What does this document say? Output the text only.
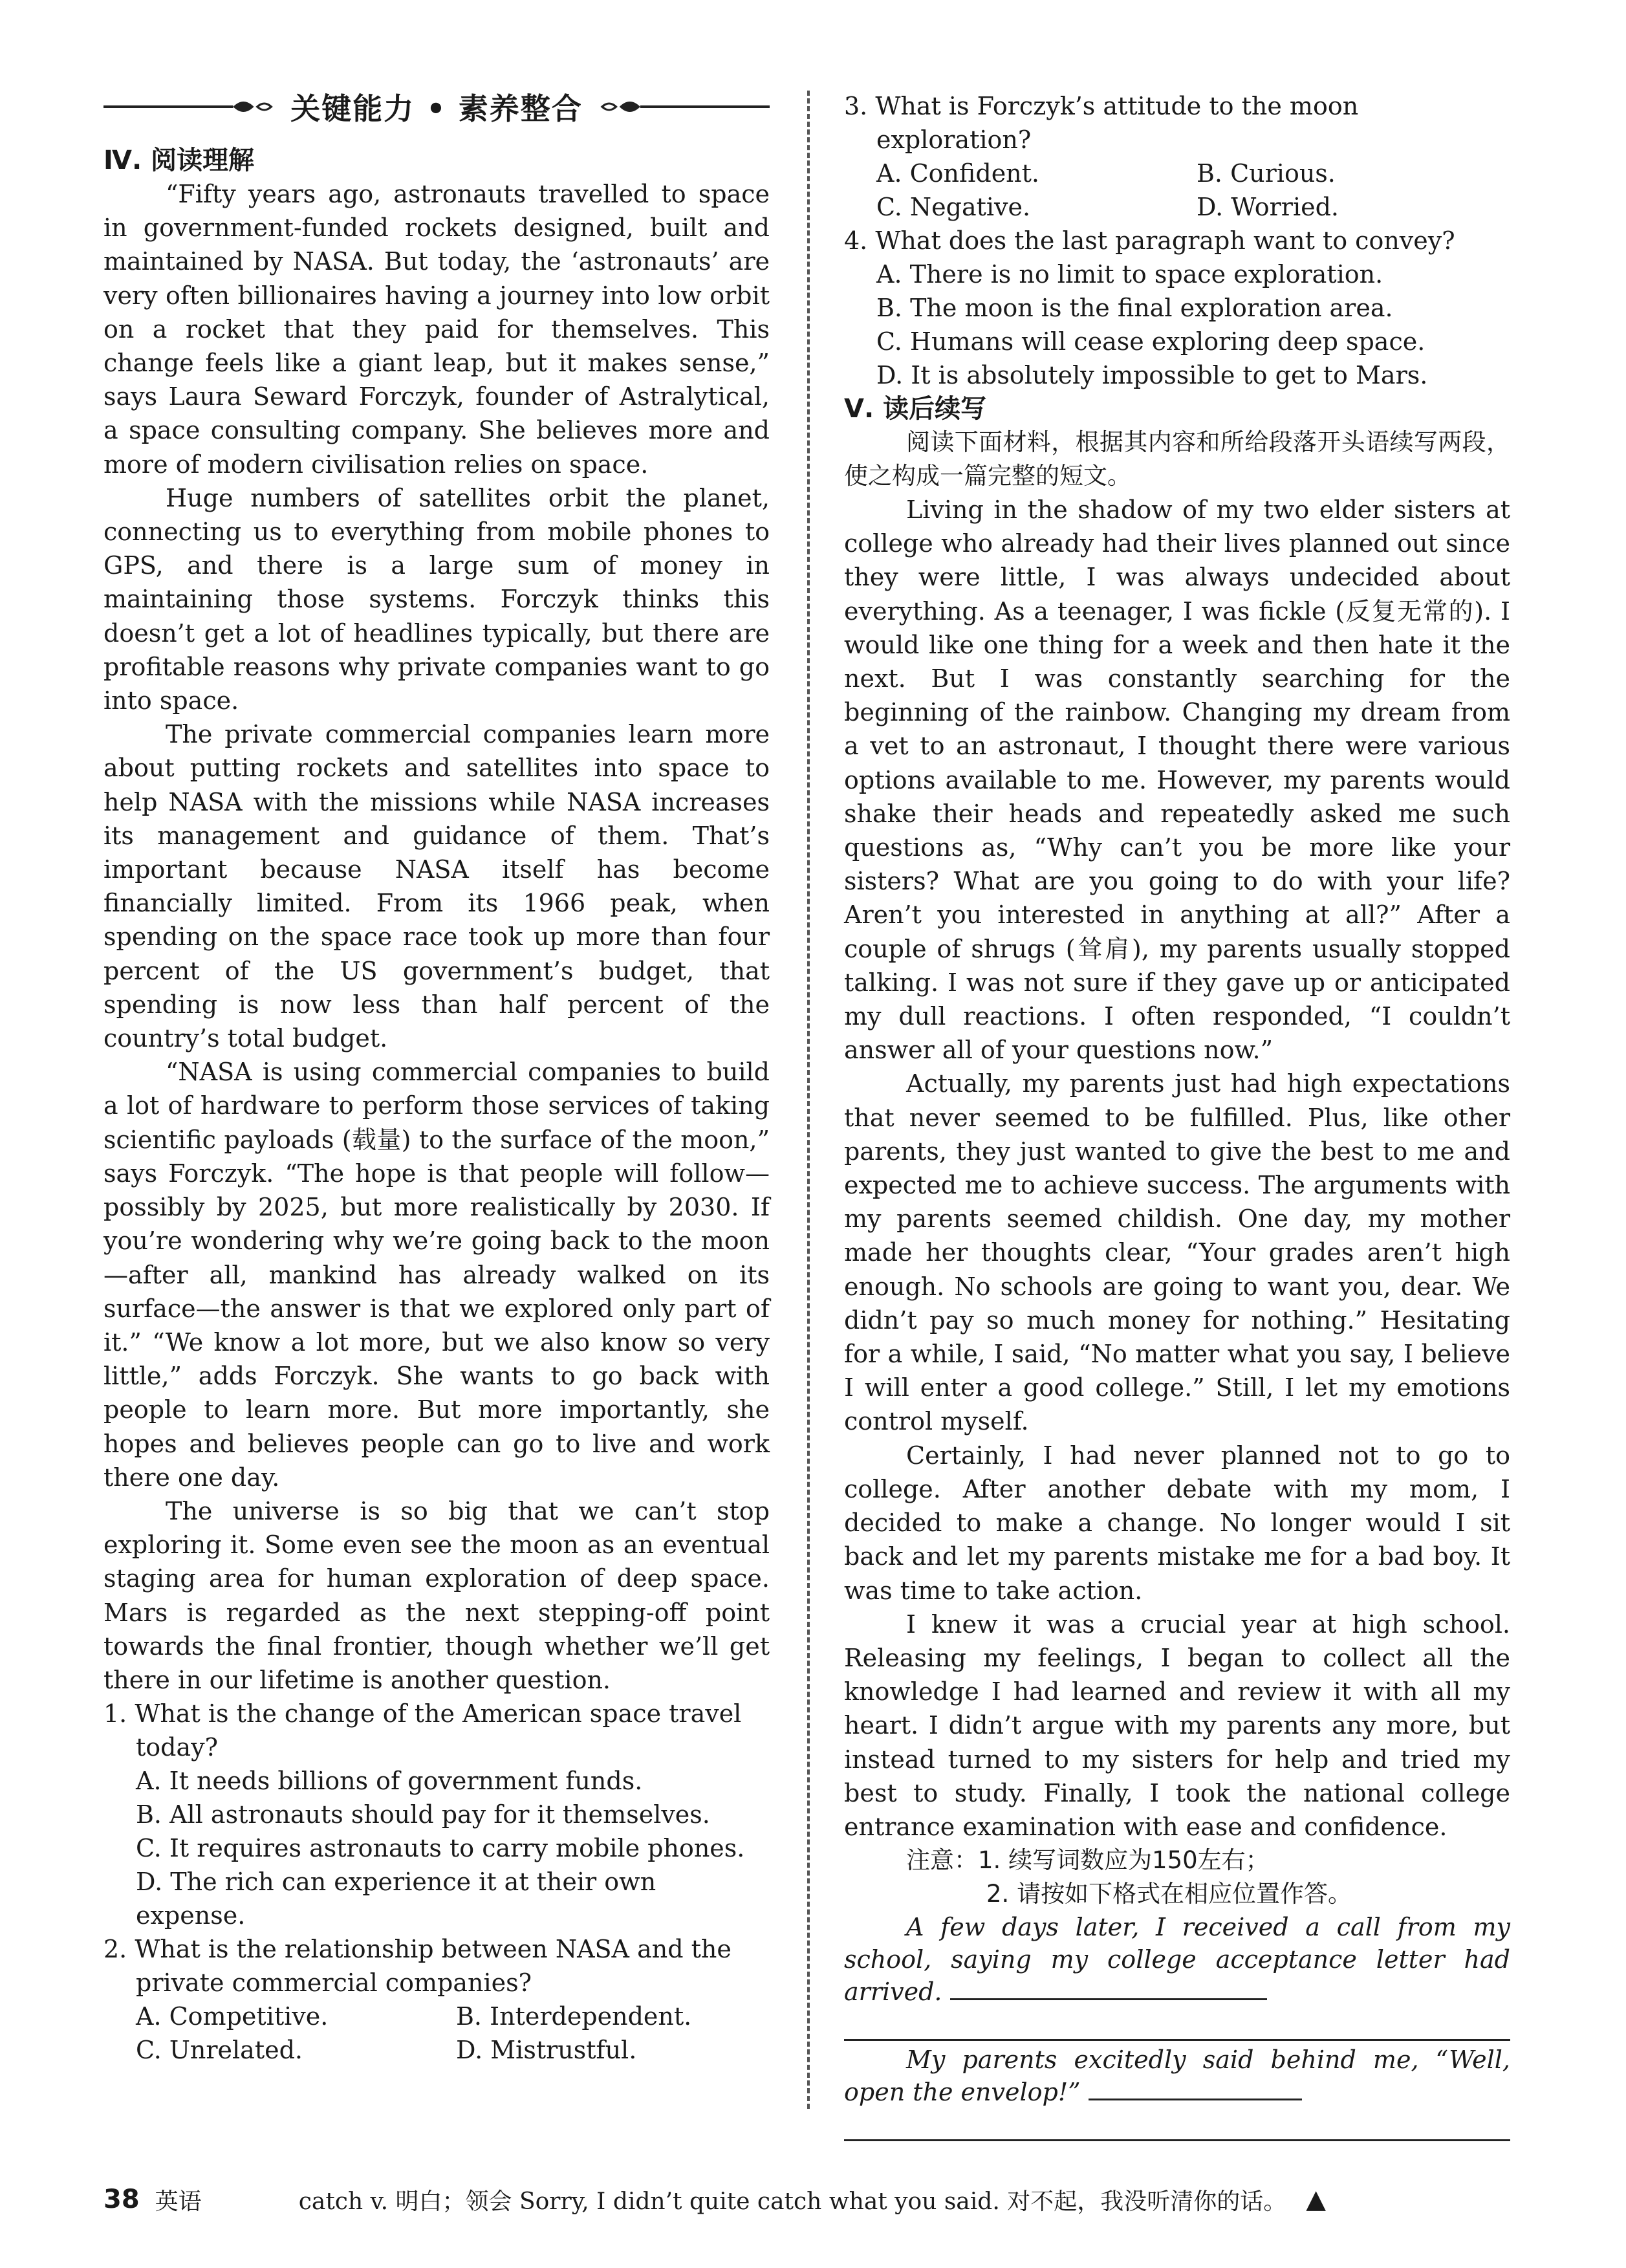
关键能力 • 素养整合
Ⅳ. 阅读理解

“Fifty years ago, astronauts travelled to space in government-funded rockets designed, built and maintained by NASA. But today, the ‘astronauts’ are very often billionaires having a journey into low orbit on a rocket that they paid for themselves. This change feels like a giant leap, but it makes sense,” says Laura Seward Forczyk, founder of Astralytical, a space consulting company. She believes more and more of modern civilisation relies on space.

Huge numbers of satellites orbit the planet, connecting us to everything from mobile phones to GPS, and there is a large sum of money in maintaining those systems. Forczyk thinks this doesn’t get a lot of headlines typically, but there are profitable reasons why private companies want to go into space.

The private commercial companies learn more about putting rockets and satellites into space to help NASA with the missions while NASA increases its management and guidance of them. That’s important because NASA itself has become financially limited. From its 1966 peak, when spending on the space race took up more than four percent of the US government’s budget, that spending is now less than half percent of the country’s total budget.

“NASA is using commercial companies to build a lot of hardware to perform those services of taking scientific payloads (载量) to the surface of the moon,” says Forczyk. “The hope is that people will follow—possibly by 2025, but more realistically by 2030. If you’re wondering why we’re going back to the moon—after all, mankind has already walked on its surface—the answer is that we explored only part of it.” “We know a lot more, but we also know so very little,” adds Forczyk. She wants to go back with people to learn more. But more importantly, she hopes and believes people can go to live and work there one day.

The universe is so big that we can’t stop exploring it. Some even see the moon as an eventual staging area for human exploration of deep space. Mars is regarded as the next stepping-off point towards the final frontier, though whether we’ll get there in our lifetime is another question.

1. What is the change of the American space travel today?
A. It needs billions of government funds.
B. All astronauts should pay for it themselves.
C. It requires astronauts to carry mobile phones.
D. The rich can experience it at their own expense.
2. What is the relationship between NASA and the private commercial companies?
A. Competitive.	B. Interdependent.
C. Unrelated.	D. Mistrustful.
3. What is Forczyk’s attitude to the moon exploration?
A. Confident.	B. Curious.
C. Negative.	D. Worried.
4. What does the last paragraph want to convey?
A. There is no limit to space exploration.
B. The moon is the final exploration area.
C. Humans will cease exploring deep space.
D. It is absolutely impossible to get to Mars.
Ⅴ. 读后续写

阅读下面材料，根据其内容和所给段落开头语续写两段，使之构成一篇完整的短文。

Living in the shadow of my two elder sisters at college who already had their lives planned out since they were little, I was always undecided about everything. As a teenager, I was fickle (反复无常的). I would like one thing for a week and then hate it the next. But I was constantly searching for the beginning of the rainbow. Changing my dream from a vet to an astronaut, I thought there were various options available to me. However, my parents would shake their heads and repeatedly asked me such questions as, “Why can’t you be more like your sisters? What are you going to do with your life? Aren’t you interested in anything at all?” After a couple of shrugs (耸肩), my parents usually stopped talking. I was not sure if they gave up or anticipated my dull reactions. I often responded, “I couldn’t answer all of your questions now.”

Actually, my parents just had high expectations that never seemed to be fulfilled. Plus, like other parents, they just wanted to give the best to me and expected me to achieve success. The arguments with my parents seemed childish. One day, my mother made her thoughts clear, “Your grades aren’t high enough. No schools are going to want you, dear. We didn’t pay so much money for nothing.” Hesitating for a while, I said, “No matter what you say, I believe I will enter a good college.” Still, I let my emotions control myself.

Certainly, I had never planned not to go to college. After another debate with my mom, I decided to make a change. No longer would I sit back and let my parents mistake me for a bad boy. It was time to take action.

I knew it was a crucial year at high school. Releasing my feelings, I began to collect all the knowledge I had learned and review it with all my heart. I didn’t argue with my parents any more, but instead turned to my sisters for help and tried my best to study. Finally, I took the national college entrance examination with ease and confidence.

注意：1. 续写词数应为150左右；
2. 请按如下格式在相应位置作答。

A few days later, I received a call from my school, saying my college acceptance letter had arrived.

My parents excitedly said behind me, “Well, open the envelop!”

38 英语	catch v. 明白；领会 Sorry, I didn’t quite catch what you said. 对不起，我没听清你的话。 ▲
